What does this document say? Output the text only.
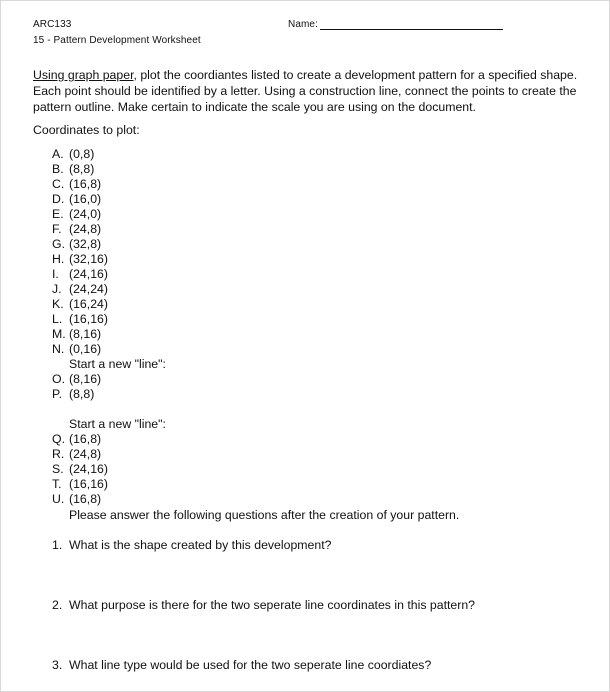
ARC133
15 - Pattern Development Worksheet
Name:
Using graph paper, plot the coordiantes listed to create a development pattern for a specified shape. Each point should be identified by a letter. Using a construction line, connect the points to create the pattern outline. Make certain to indicate the scale you are using on the document.
Coordinates to plot:
A. (0,8)
B. (8,8)
C. (16,8)
D. (16,0)
E. (24,0)
F. (24,8)
G. (32,8)
H. (32,16)
I. (24,16)
J. (24,24)
K. (16,24)
L. (16,16)
M. (8,16)
N. (0,16)
O. (8,16)
P. (8,8)
Q. (16,8)
R. (24,8)
S. (24,16)
T. (16,16)
U. (16,8)
Start a new "line":
Start a new "line":
Please answer the following questions after the creation of your pattern.
1. What is the shape created by this development?
2. What purpose is there for the two seperate line coordinates in this pattern?
3. What line type would be used for the two seperate line coordiates?
